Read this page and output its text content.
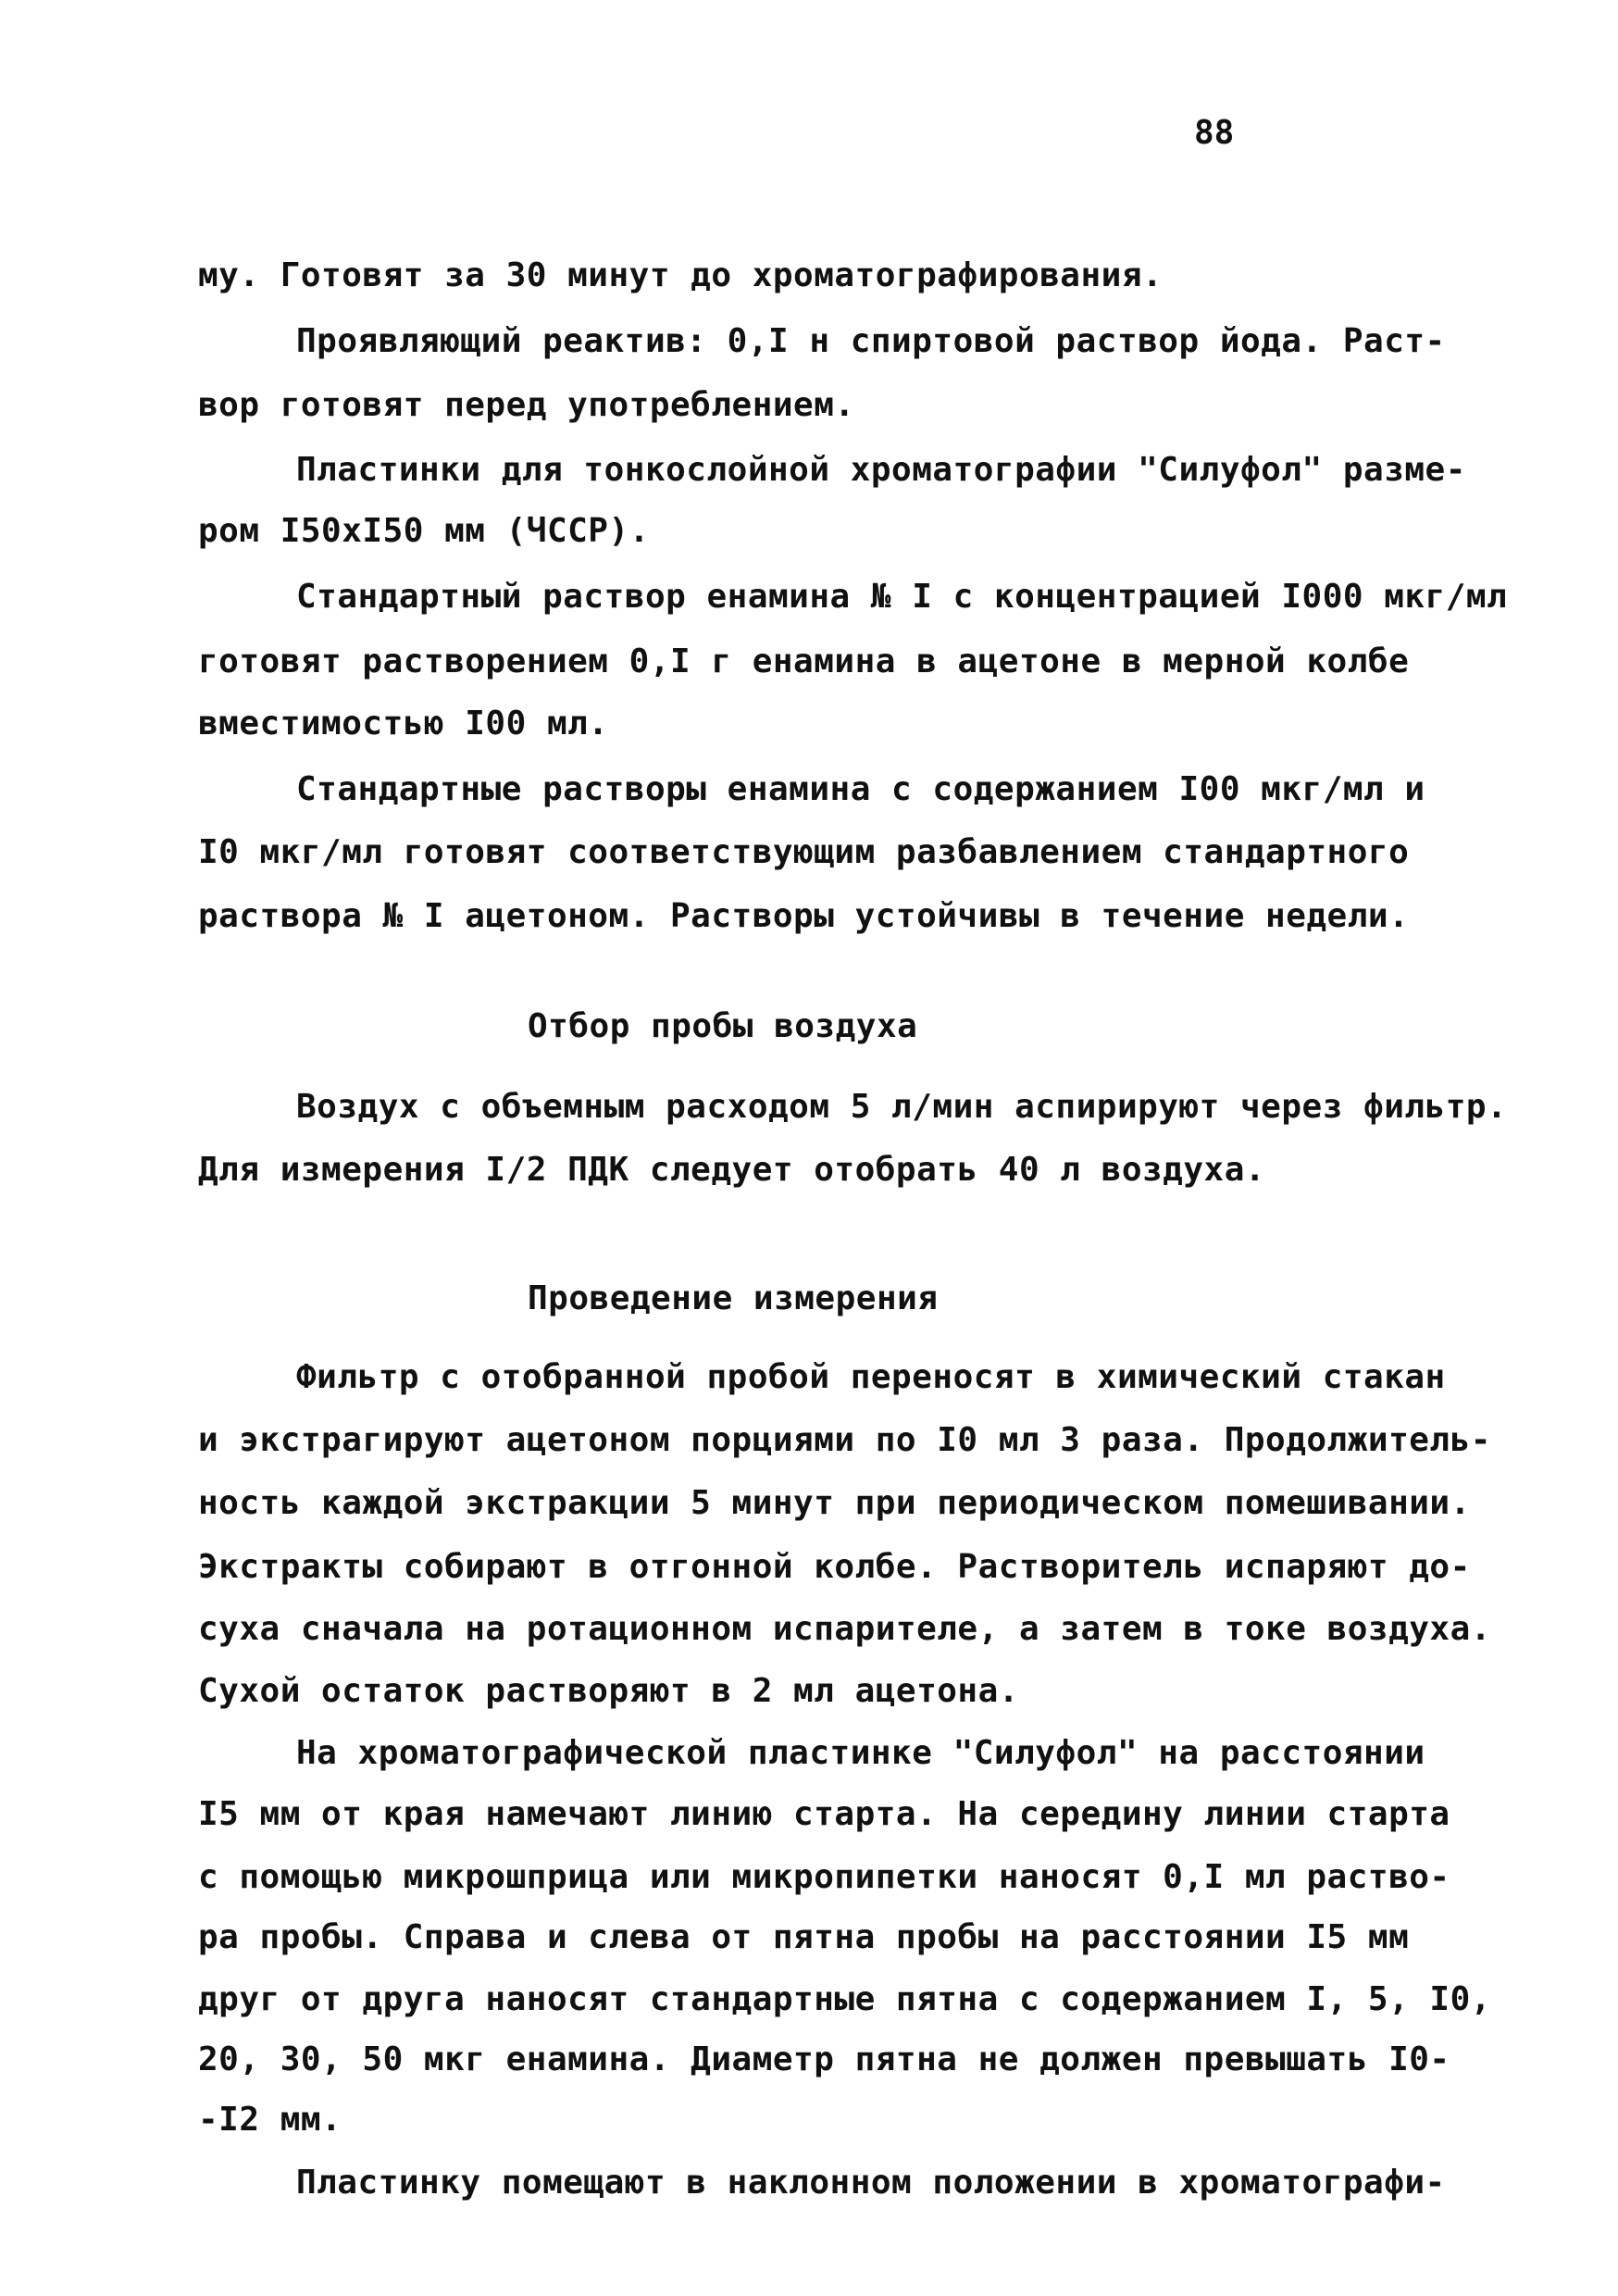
88
му. Готовят за 30 минут до хроматографирования.
Проявляющий реактив: 0,I н спиртовой раствор йода. Раст-
вор готовят перед употреблением.
Пластинки для тонкослойной хроматографии "Силуфол" разме-
ром I50хI50 мм (ЧССР).
Стандартный раствор енамина № I с концентрацией I000 мкг/мл
готовят растворением 0,I г енамина в ацетоне в мерной колбе
вместимостью I00 мл.
Стандартные растворы енамина с содержанием I00 мкг/мл и
I0 мкг/мл готовят соответствующим разбавлением стандартного
раствора № I ацетоном. Растворы устойчивы в течение недели.
Отбор пробы воздуха
Воздух с объемным расходом 5 л/мин аспирируют через фильтр.
Для измерения I/2 ПДК следует отобрать 40 л воздуха.
Проведение измерения
Фильтр с отобранной пробой переносят в химический стакан
и экстрагируют ацетоном порциями по I0 мл 3 раза. Продолжитель-
ность каждой экстракции 5 минут при периодическом помешивании.
Экстракты собирают в отгонной колбе. Растворитель испаряют до-
суха сначала на ротационном испарителе, а затем в токе воздуха.
Сухой остаток растворяют в 2 мл ацетона.
На хроматографической пластинке "Силуфол" на расстоянии
I5 мм от края намечают линию старта. На середину линии старта
с помощью микрошприца или микропипетки наносят 0,I мл раство-
ра пробы. Справа и слева от пятна пробы на расстоянии I5 мм
друг от друга наносят стандартные пятна с содержанием I, 5, I0,
20, 30, 50 мкг енамина. Диаметр пятна не должен превышать I0-
-I2 мм.
Пластинку помещают в наклонном положении в хроматографи-
